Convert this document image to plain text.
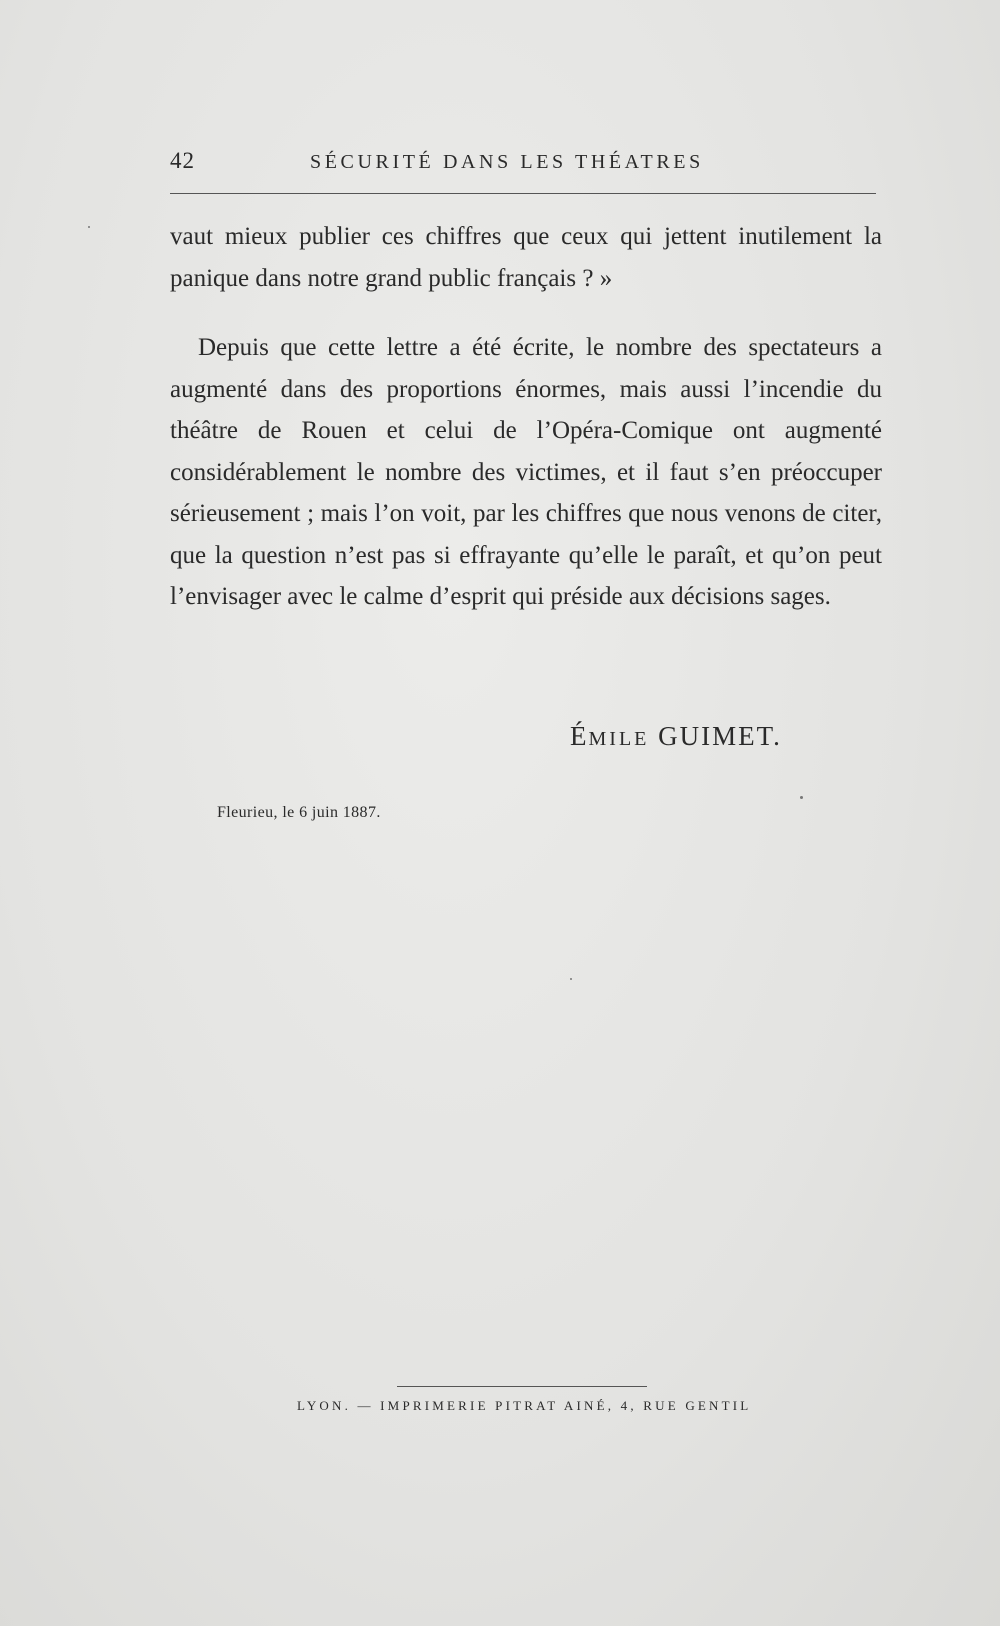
42	SÉCURITÉ DANS LES THÉATRES

vaut mieux publier ces chiffres que ceux qui jettent inutilement la panique dans notre grand public français ? »

Depuis que cette lettre a été écrite, le nombre des spectateurs a augmenté dans des proportions énormes, mais aussi l’incendie du théâtre de Rouen et celui de l’Opéra-Comique ont augmenté considérablement le nombre des victimes, et il faut s’en préoccuper sérieusement ; mais l’on voit, par les chiffres que nous venons de citer, que la question n’est pas si effrayante qu’elle le paraît, et qu’on peut l’envisager avec le calme d’esprit qui préside aux décisions sages.

ÉMILE GUIMET.
Fleurieu, le 6 juin 1887.
LYON. — IMPRIMERIE PITRAT AINÉ, 4, RUE GENTIL
